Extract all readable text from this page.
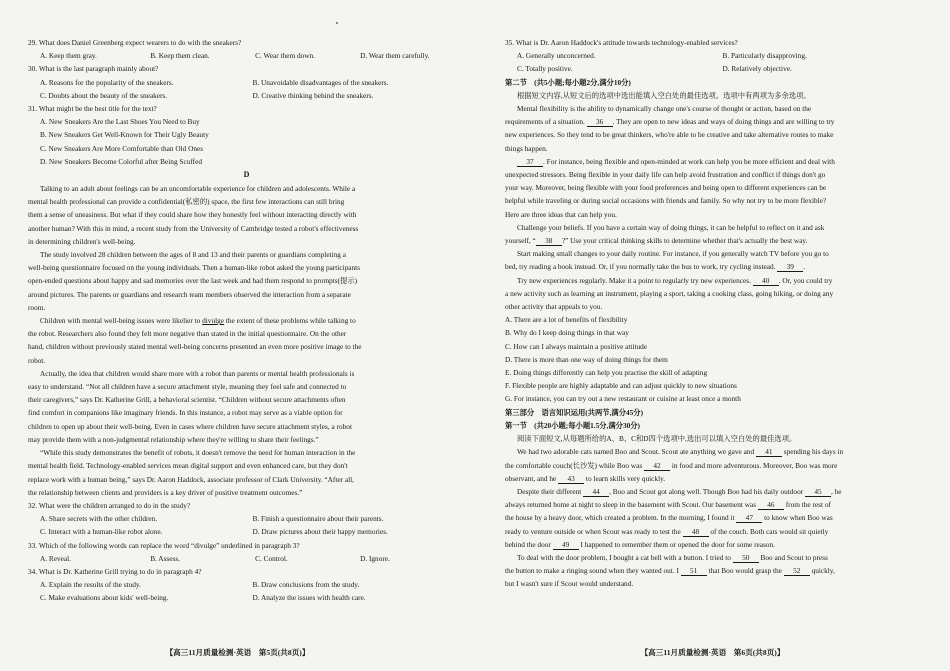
29. What does Daniel Greenberg expect wearers to do with the sneakers?
A. Keep them gray.	B. Keep them clean.	C. Wear them down.	D. Wear them carefully.
30. What is the last paragraph mainly about?
A. Reasons for the popularity of the sneakers.	B. Unavoidable disadvantages of the sneakers.
C. Doubts about the beauty of the sneakers.	D. Creative thinking behind the sneakers.
31. What might be the best title for the text?
A. New Sneakers Are the Last Shoes You Need to Buy
B. New Sneakers Get Well-Known for Their Ugly Beauty
C. New Sneakers Are More Comfortable than Old Ones
D. New Sneakers Become Colorful after Being Scuffed
D

Talking to an adult about feelings can be an uncomfortable experience for children and adolescents. While a
mental health professional can provide a confidential(私密的) space, the first few interactions can still bring
them a sense of uneasiness. But what if they could share how they honestly feel without interacting directly with
another human? With this in mind, a recent study from the University of Cambridge tested a robot's effectiveness
in determining children's well-being.

The study involved 28 children between the ages of 8 and 13 and their parents or guardians completing a
well-being questionnaire focused on the young individuals. Then a human-like robot asked the young participants
open-ended questions about happy and sad memories over the last week and had them respond to prompts(提示)
around pictures. The parents or guardians and research team members observed the interaction from a separate
room.

Children with mental well-being issues were likelier to divulge the extent of these problems while talking to
the robot. Researchers also found they felt more negative than stated in the initial questionnaire. On the other
hand, children without previously stated mental well-being concerns presented an even more positive image to the
robot.

Actually, the idea that children would share more with a robot than parents or mental health professionals is
easy to understand. “Not all children have a secure attachment style, meaning they feel safe and connected to
their caregivers,” says Dr. Katherine Grill, a behavioral scientist. “Children without secure attachments often
find comfort in companions like imaginary friends. In this instance, a robot may serve as a viable option for
children to open up about their well-being. Even in cases where children have secure attachment styles, a robot
may provide them with a non-judgmental relationship where they're willing to share their feelings.”

“While this study demonstrates the benefit of robots, it doesn't remove the need for human interaction in the
mental health field. Technology-enabled services mean digital support and even enhanced care, but they don't
replace work with a human being,” says Dr. Aaron Haddock, associate professor of Clark University. “After all,
the relationship between clients and providers is a key driver of positive treatment outcomes.”

32. What were the children arranged to do in the study?
A. Share secrets with the other children.	B. Finish a questionnaire about their parents.
C. Interact with a human-like robot alone.	D. Draw pictures about their happy memories.
33. Which of the following words can replace the word “divulge” underlined in paragraph 3?
A. Reveal.	B. Assess.	C. Control.	D. Ignore.
34. What is Dr. Katherine Grill trying to do in paragraph 4?
A. Explain the results of the study.	B. Draw conclusions from the study.
C. Make evaluations about kids' well-being.	D. Analyze the issues with health care.
【高三11月质量检测·英语　第5页(共8页)】
35. What is Dr. Aaron Haddock's attitude towards technology-enabled services?
A. Generally unconcerned.	B. Particularly disapproving.
C. Totally positive.	D. Relatively objective.
第二节　(共5小题;每小题2分,满分10分)
根据短文内容,从短文后的选项中选出能填入空白处的最佳选项。选项中有两项为多余选项。
Mental flexibility is the ability to dynamically change one's course of thought or action, based on the
requirements of a situation. 36 . They are open to new ideas and ways of doing things and are willing to try
new experiences. So they tend to be great thinkers, who're able to be creative and take alternative routes to make
things happen.
37 . For instance, being flexible and open-minded at work can help you be more efficient and deal with
unexpected stressors. Being flexible in your daily life can help avoid frustration and conflict if things don't go
your way. Moreover, being flexible with your food preferences and being open to different experiences can be
helpful while traveling or during social occasions with friends and family. So why not try to be more flexible?
Here are three ideas that can help you.
Challenge your beliefs. If you have a certain way of doing things, it can be helpful to reflect on it and ask
yourself, “ 38 ?” Use your critical thinking skills to determine whether that's actually the best way.
Start making small changes to your daily routine. For instance, if you generally watch TV before you go to
bed, try reading a book instead. Or, if you normally take the bus to work, try cycling instead. 39 .
Try new experiences regularly. Make it a point to regularly try new experiences. 40 . Or, you could try
a new activity such as learning an instrument, playing a sport, taking a cooking class, going hiking, or doing any
other activity that appeals to you.
A. There are a lot of benefits of flexibility
B. Why do I keep doing things in that way
C. How can I always maintain a positive attitude
D. There is more than one way of doing things for them
E. Doing things differently can help you practise the skill of adapting
F. Flexible people are highly adaptable and can adjust quickly to new situations
G. For instance, you can try out a new restaurant or cuisine at least once a month
第三部分　语言知识运用(共两节,满分45分)
第一节　(共20小题;每小题1.5分,满分30分)
阅读下面短文,从每题所给的A、B、C和D四个选项中,选出可以填入空白处的最佳选项。
We had two adorable cats named Boo and Scout. Scout ate anything we gave and 41 spending his days in
the comfortable couch(长沙发) while Boo was 42 in food and more adventurous. Moreover, Boo was more
observant, and he 43 to learn skills very quickly.
Despite their different 44 , Boo and Scout got along well. Though Boo had his daily outdoor 45 , he
always returned home at night to sleep in the basement with Scout. Our basement was 46 from the rest of
the house by a heavy door, which created a problem. In the morning, I found it 47 to know when Boo was
ready to venture outside or when Scout was ready to test the 48 of the couch. Both cats would sit quietly
behind the door 49 I happened to remember them or opened the door for some reason.
To deal with the door problem, I bought a cat bell with a button. I tried to 50 Boo and Scout to press
the button to make a ringing sound when they wanted out. I 51 that Boo would grasp the 52 quickly,
but I wasn't sure if Scout would understand.
【高三11月质量检测·英语　第6页(共8页)】
